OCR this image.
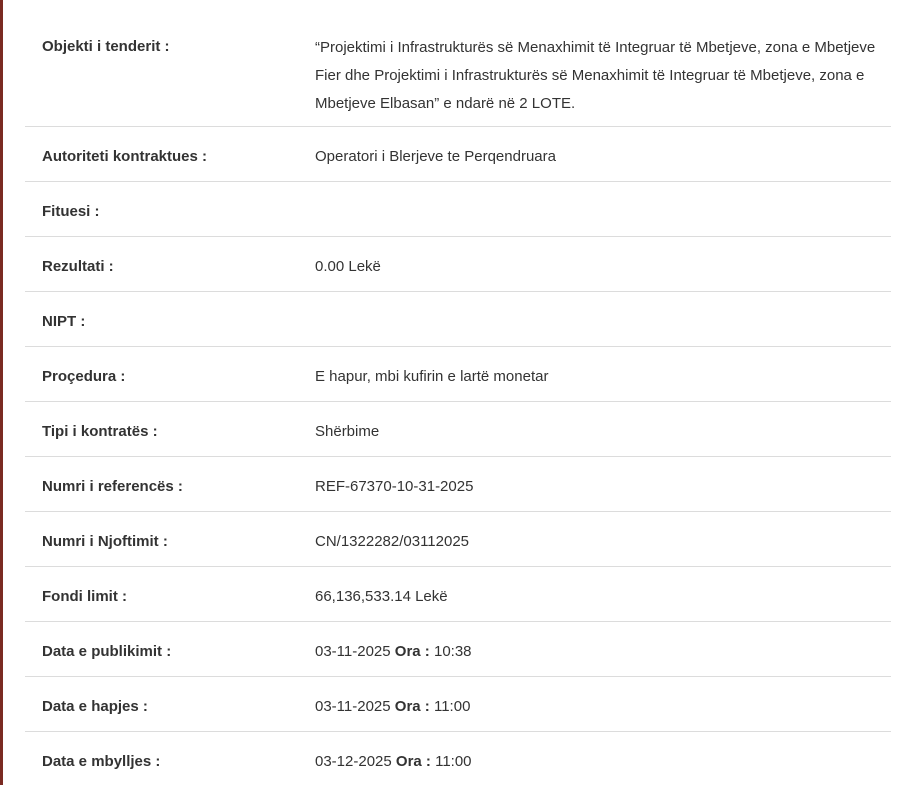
Objekti i tenderit :	“Projektimi i Infrastrukturës së Menaxhimit të Integruar të Mbetjeve, zona e Mbetjeve Fier dhe Projektimi i Infrastrukturës së Menaxhimit të Integruar të Mbetjeve, zona e Mbetjeve Elbasan” e ndarë në 2 LOTE.
Autoriteti kontraktues :	Operatori i Blerjeve te Perqendruara
Fituesi :
Rezultati :	0.00 Lekë
NIPT :
Proçedura :	E hapur, mbi kufirin e lartë monetar
Tipi i kontratës :	Shërbime
Numri i referencës :	REF-67370-10-31-2025
Numri i Njoftimit :	CN/1322282/03112025
Fondi limit :	66,136,533.14 Lekë
Data e publikimit :	03-11-2025 Ora : 10:38
Data e hapjes :	03-11-2025 Ora : 11:00
Data e mbylljes :	03-12-2025 Ora : 11:00
